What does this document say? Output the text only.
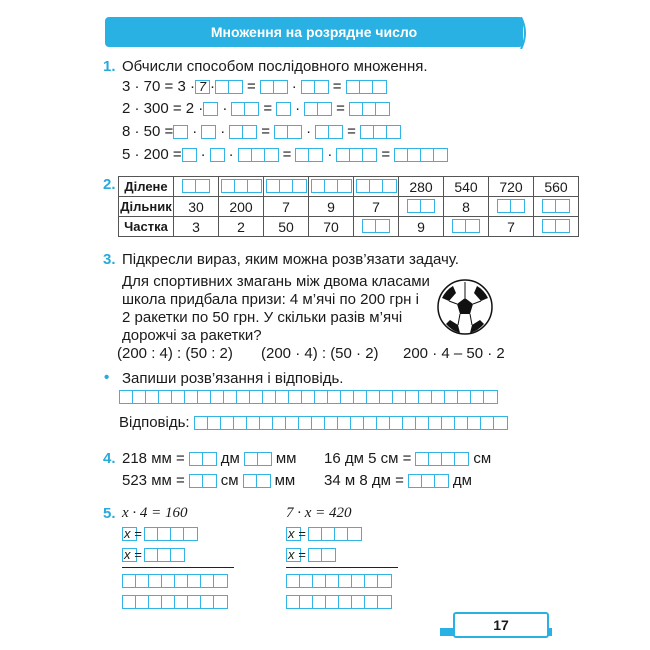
Множення на розрядне число
1. Обчисли способом послідовного множення.
3 · 70 = 3 · 7 · = · =
2 · 300 = 2 · · = · =
8 · 50 = · · = · =
5 · 200 = · ·	= ·	=
2. Ділене						280	540	720	560
Дільник	30	200	7	9	7		8	

Частка	3	2	50	70		9		7	
3. Підкресли вираз, яким можна розв’язати задачу.
Для спортивних змагань між двома класами
школа придбала призи: 4 м’ячі по 200 грн і
2 ракетки по 50 грн. У скільки разів м’ячі
дорожчі за ракетки?
(200 : 4) : (50 : 2) (200 · 4) : (50 · 2) 200 · 4 – 50 · 2
• Запиши розв’язання і відповідь.
Відповідь:
4. 218 мм = дм мм
523 мм = см мм
16 дм 5 см =	см
34 м 8 дм =	дм
5. x · 4 = 160	7 · x = 420
x =
x =
x =
x =
17
